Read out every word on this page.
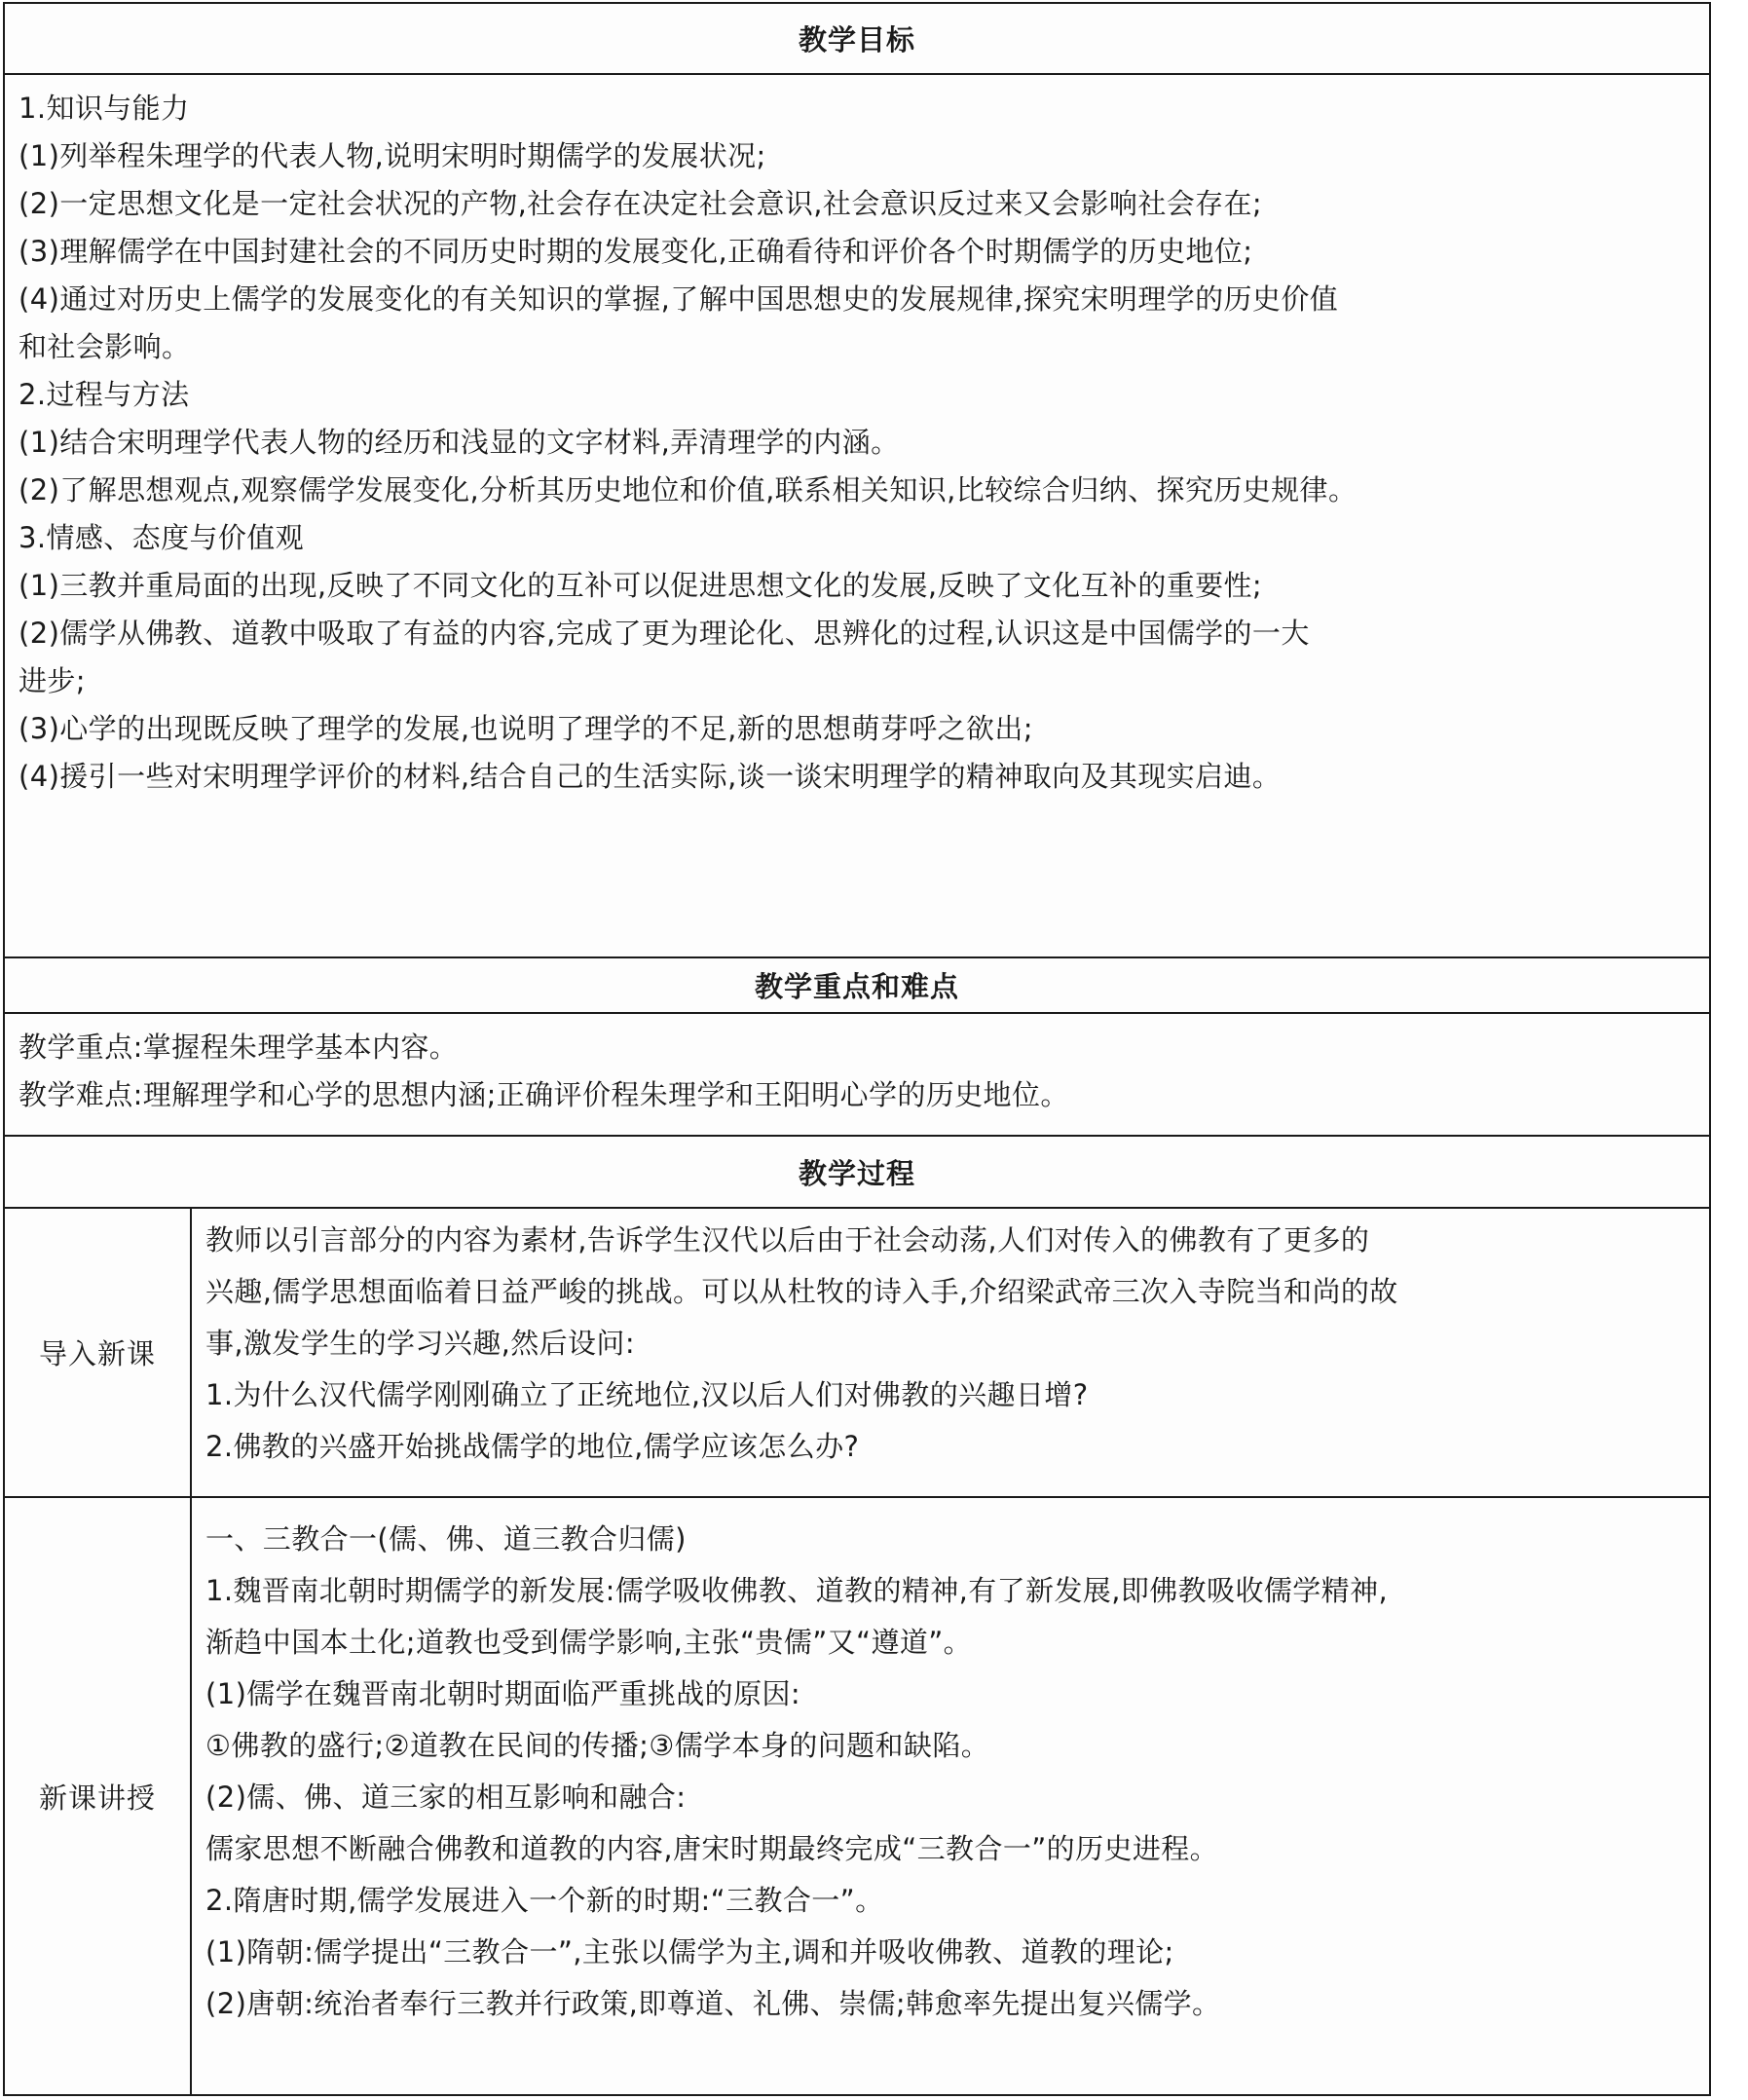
教学目标
1.知识与能力
(1)列举程朱理学的代表人物,说明宋明时期儒学的发展状况;
(2)一定思想文化是一定社会状况的产物,社会存在决定社会意识,社会意识反过来又会影响社会存在;
(3)理解儒学在中国封建社会的不同历史时期的发展变化,正确看待和评价各个时期儒学的历史地位;
(4)通过对历史上儒学的发展变化的有关知识的掌握,了解中国思想史的发展规律,探究宋明理学的历史价值
和社会影响。
2.过程与方法
(1)结合宋明理学代表人物的经历和浅显的文字材料,弄清理学的内涵。
(2)了解思想观点,观察儒学发展变化,分析其历史地位和价值,联系相关知识,比较综合归纳、探究历史规律。
3.情感、态度与价值观
(1)三教并重局面的出现,反映了不同文化的互补可以促进思想文化的发展,反映了文化互补的重要性;
(2)儒学从佛教、道教中吸取了有益的内容,完成了更为理论化、思辨化的过程,认识这是中国儒学的一大
进步;
(3)心学的出现既反映了理学的发展,也说明了理学的不足,新的思想萌芽呼之欲出;
(4)援引一些对宋明理学评价的材料,结合自己的生活实际,谈一谈宋明理学的精神取向及其现实启迪。
教学重点和难点
教学重点:掌握程朱理学基本内容。
教学难点:理解理学和心学的思想内涵;正确评价程朱理学和王阳明心学的历史地位。
教学过程
导入新课
教师以引言部分的内容为素材,告诉学生汉代以后由于社会动荡,人们对传入的佛教有了更多的
兴趣,儒学思想面临着日益严峻的挑战。可以从杜牧的诗入手,介绍梁武帝三次入寺院当和尚的故
事,激发学生的学习兴趣,然后设问:
1.为什么汉代儒学刚刚确立了正统地位,汉以后人们对佛教的兴趣日增?
2.佛教的兴盛开始挑战儒学的地位,儒学应该怎么办?
新课讲授
一、三教合一(儒、佛、道三教合归儒)
1.魏晋南北朝时期儒学的新发展:儒学吸收佛教、道教的精神,有了新发展,即佛教吸收儒学精神,
渐趋中国本土化;道教也受到儒学影响,主张“贵儒”又“遵道”。
(1)儒学在魏晋南北朝时期面临严重挑战的原因:
①佛教的盛行;②道教在民间的传播;③儒学本身的问题和缺陷。
(2)儒、佛、道三家的相互影响和融合:
儒家思想不断融合佛教和道教的内容,唐宋时期最终完成“三教合一”的历史进程。
2.隋唐时期,儒学发展进入一个新的时期:“三教合一”。
(1)隋朝:儒学提出“三教合一”,主张以儒学为主,调和并吸收佛教、道教的理论;
(2)唐朝:统治者奉行三教并行政策,即尊道、礼佛、崇儒;韩愈率先提出复兴儒学。
